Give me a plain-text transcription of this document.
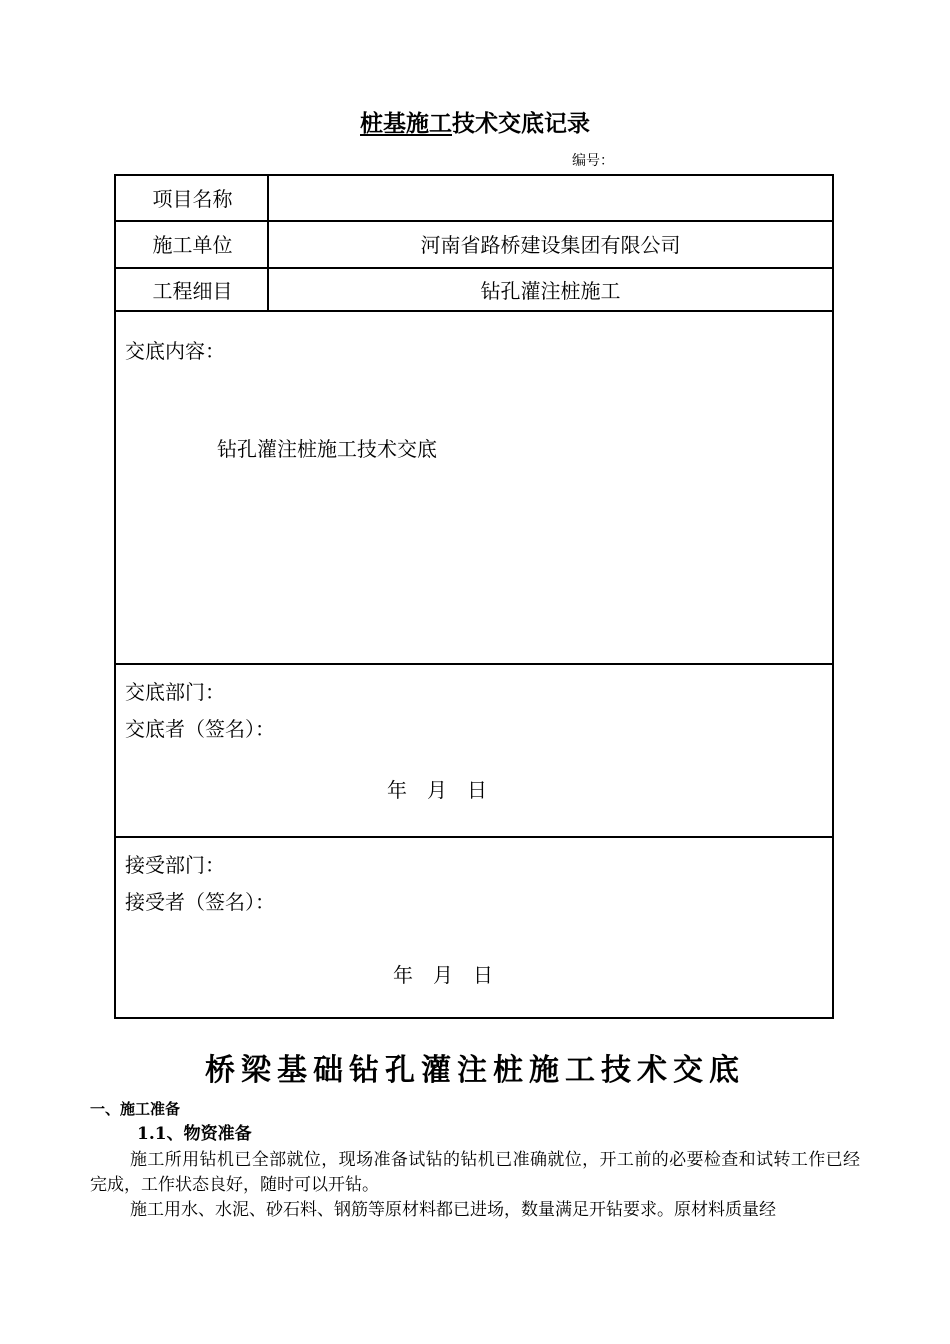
桩基施工技术交底记录
编号：
项目名称
施工单位	河南省路桥建设集团有限公司
工程细目	钻孔灌注桩施工
交底内容：
钻孔灌注桩施工技术交底
交底部门：
交底者（签名）：
年　月　日
接受部门：
接受者（签名）：
年　月　日
桥梁基础钻孔灌注桩施工技术交底
一、施工准备
1.1、物资准备
施工所用钻机已全部就位，现场准备试钻的钻机已准确就位，开工前的必要检查和试转工作已经完成，工作状态良好，随时可以开钻。
施工用水、水泥、砂石料、钢筋等原材料都已进场，数量满足开钻要求。原材料质量经
